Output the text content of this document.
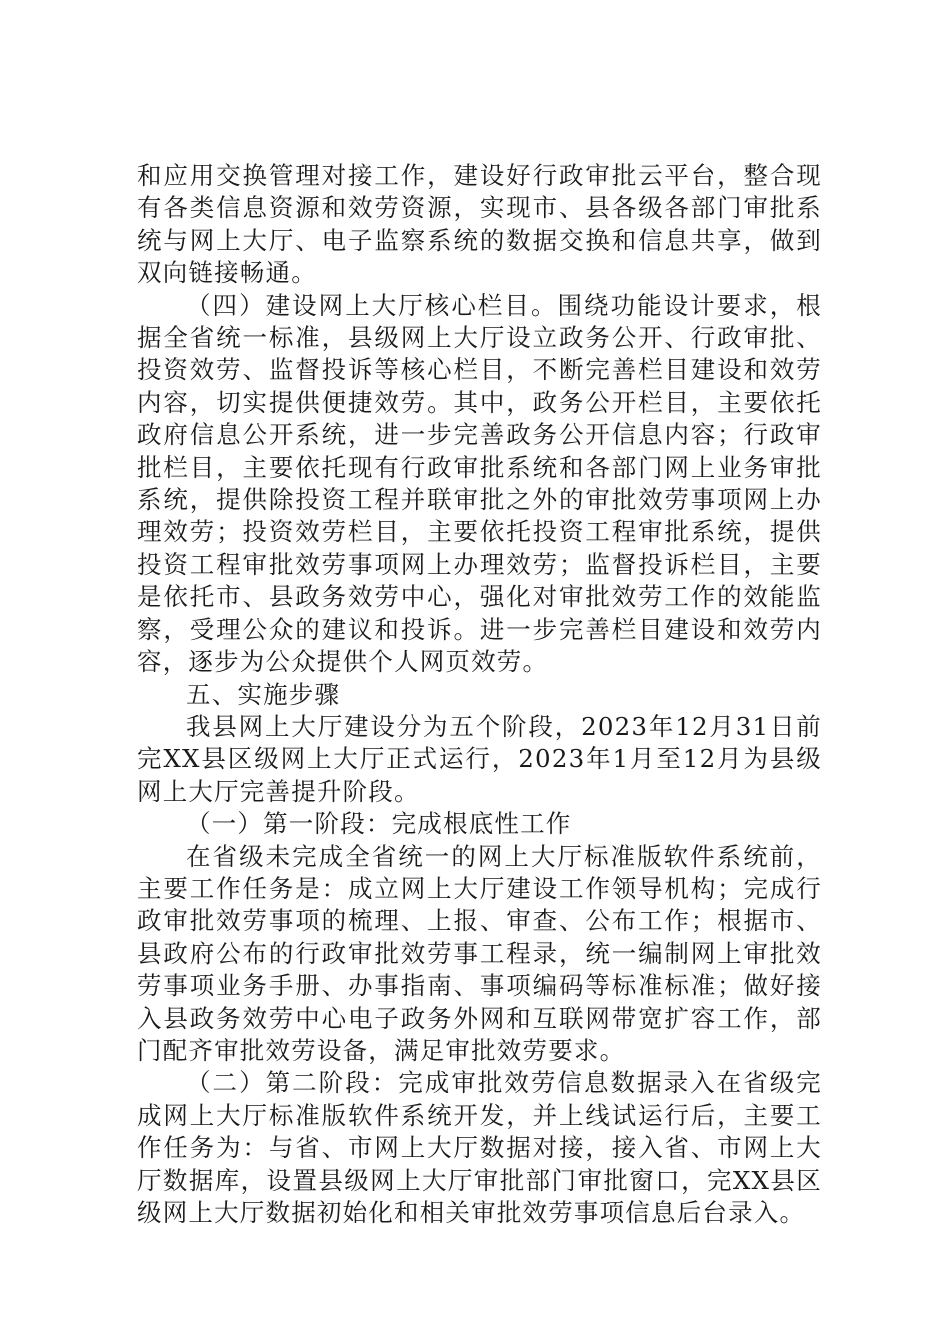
和应用交换管理对接工作，建设好行政审批云平台，整合现有各类信息资源和效劳资源，实现市、县各级各部门审批系统与网上大厅、电子监察系统的数据交换和信息共享，做到双向链接畅通。

（四）建设网上大厅核心栏目。围绕功能设计要求，根据全省统一标准，县级网上大厅设立政务公开、行政审批、投资效劳、监督投诉等核心栏目，不断完善栏目建设和效劳内容，切实提供便捷效劳。其中，政务公开栏目，主要依托政府信息公开系统，进一步完善政务公开信息内容；行政审批栏目，主要依托现有行政审批系统和各部门网上业务审批系统，提供除投资工程并联审批之外的审批效劳事项网上办理效劳；投资效劳栏目，主要依托投资工程审批系统，提供投资工程审批效劳事项网上办理效劳；监督投诉栏目，主要是依托市、县政务效劳中心，强化对审批效劳工作的效能监察，受理公众的建议和投诉。进一步完善栏目建设和效劳内容，逐步为公众提供个人网页效劳。

五、实施步骤

我县网上大厅建设分为五个阶段，2023年12月31日前完XX县区级网上大厅正式运行，2023年1月至12月为县级网上大厅完善提升阶段。

（一）第一阶段：完成根底性工作

在省级未完成全省统一的网上大厅标准版软件系统前，主要工作任务是：成立网上大厅建设工作领导机构；完成行政审批效劳事项的梳理、上报、审查、公布工作；根据市、县政府公布的行政审批效劳事工程录，统一编制网上审批效劳事项业务手册、办事指南、事项编码等标准标准；做好接入县政务效劳中心电子政务外网和互联网带宽扩容工作，部门配齐审批效劳设备，满足审批效劳要求。

（二）第二阶段：完成审批效劳信息数据录入在省级完成网上大厅标准版软件系统开发，并上线试运行后，主要工作任务为：与省、市网上大厅数据对接，接入省、市网上大厅数据库，设置县级网上大厅审批部门审批窗口，完XX县区级网上大厅数据初始化和相关审批效劳事项信息后台录入。
